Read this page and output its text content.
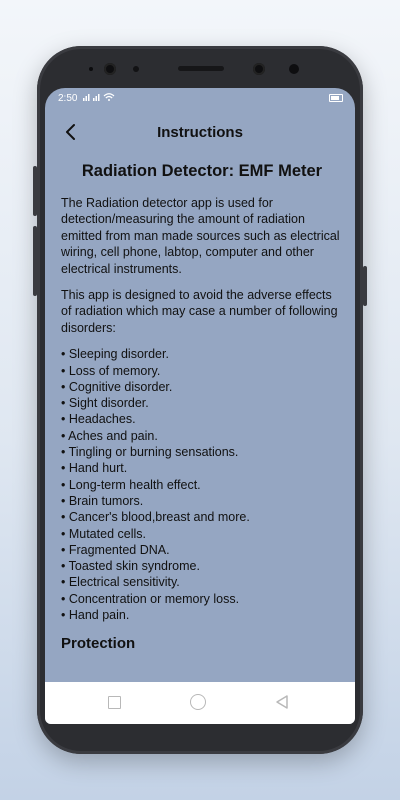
2:50
Instructions
Radiation Detector: EMF Meter

The Radiation detector app is used for detection/measuring the amount of radiation emitted from man made sources such as electrical wiring, cell phone, labtop, computer and other electrical instruments.

This app is designed to avoid the adverse effects of radiation which may case a number of following disorders:

• Sleeping disorder.
• Loss of memory.
• Cognitive disorder.
• Sight disorder.
• Headaches.
• Aches and pain.
• Tingling or burning sensations.
• Hand hurt.
• Long-term health effect.
• Brain tumors.
• Cancer's blood,breast and more.
• Mutated cells.
• Fragmented DNA.
• Toasted skin syndrome.
• Electrical sensitivity.
• Concentration or memory loss.
• Hand pain.
Protection
